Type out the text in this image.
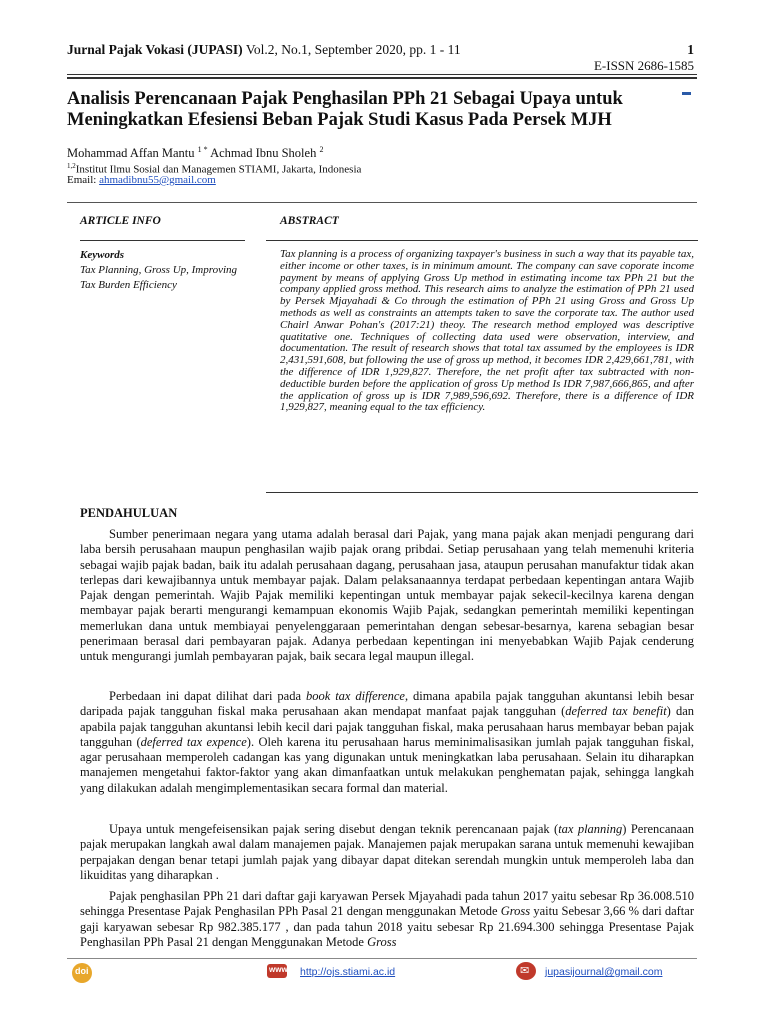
Jurnal Pajak Vokasi (JUPASI) Vol.2, No.1, September 2020, pp. 1 - 11	1
E-ISSN 2686-1585
Analisis Perencanaan Pajak Penghasilan PPh 21 Sebagai Upaya untuk Meningkatkan Efesiensi Beban Pajak Studi Kasus Pada Persek MJH
Mohammad Affan Mantu $^{1 *}$ Achmad Ibnu Sholeh $^2$
$^{1,2}$Institut Ilmu Sosial dan Managemen STIAMI, Jakarta, Indonesia
Email: ahmadibnu55@gmail.com
ARTICLE INFO	ABSTRACT
Keywords
Tax Planning, Gross Up, Improving Tax Burden Efficiency
Tax planning is a process of organizing taxpayer's business in such a way that its payable tax, either income or other taxes, is in minimum amount. The company can save coporate income payment by means of applying Gross Up method in estimating income tax PPh 21 but the company applied gross method. This research aims to analyze the estimation of PPh 21 used by Persek Mjayahadi & Co through the estimation of PPh 21 using Gross and Gross Up methods as well as constraints an attempts taken to save the corporate tax. The author used Chairl Anwar Pohan's (2017:21) theoy. The research method employed was descriptive quatitative one. Techniques of collecting data used were observation, interview, and documentation. The result of research shows that total tax assumed by the employees is IDR 2,431,591,608, but following the use of gross up method, it becomes IDR 2,429,661,781, with the difference of IDR 1,929,827. Therefore, the net profit after tax subtracted with non-deductible burden before the application of gross Up method Is IDR 7,987,666,865, and after the application of gross up is IDR 7,989,596,692. Therefore, there is a difference of IDR 1,929,827, meaning equal to the tax efficiency.
PENDAHULUAN

Sumber penerimaan negara yang utama adalah berasal dari Pajak, yang mana pajak akan menjadi pengurang dari laba bersih perusahaan maupun penghasilan wajib pajak orang pribdai. Setiap perusahaan yang telah memenuhi kriteria sebagai wajib pajak badan, baik itu adalah perusahaan dagang, perusahaan jasa, ataupun perusahan manufaktur tidak akan terlepas dari kewajibannya untuk membayar pajak. Dalam pelaksanaannya terdapat perbedaan kepentingan antara Wajib Pajak dengan pemerintah. Wajib Pajak memiliki kepentingan untuk membayar pajak sekecil-kecilnya karena dengan membayar pajak berarti mengurangi kemampuan ekonomis Wajib Pajak, sedangkan pemerintah memiliki kepentingan memerlukan dana untuk membiayai penyelenggaraan pemerintahan dengan sebesar-besarnya, karena sebagian besar penerimaan berasal dari pembayaran pajak. Adanya perbedaan kepentingan ini menyebabkan Wajib Pajak cenderung untuk mengurangi jumlah pembayaran pajak, baik secara legal maupun illegal.

Perbedaan ini dapat dilihat dari pada book tax difference, dimana apabila pajak tangguhan akuntansi lebih besar daripada pajak tangguhan fiskal maka perusahaan akan mendapat manfaat pajak tangguhan (deferred tax benefit) dan apabila pajak tangguhan akuntansi lebih kecil dari pajak tangguhan fiskal, maka perusahaan harus membayar beban pajak tangguhan (deferred tax expence). Oleh karena itu perusahaan harus meminimalisasikan jumlah pajak tangguhan fiskal, agar perusahaan memperoleh cadangan kas yang digunakan untuk meningkatkan laba perusahaan. Selain itu diharapkan manajemen mengetahui faktor-faktor yang akan dimanfaatkan untuk melakukan penghematan pajak, sehingga langkah yang dilakukan adalah mengimplementasikan secara formal dan material.

Upaya untuk mengefeisensikan pajak sering disebut dengan teknik perencanaan pajak (tax planning) Perencanaan pajak merupakan langkah awal dalam manajemen pajak. Manajemen pajak merupakan sarana untuk memenuhi kewajiban perpajakan dengan benar tetapi jumlah pajak yang dibayar dapat ditekan serendah mungkin untuk memperoleh laba dan likuiditas yang diharapkan .

Pajak penghasilan PPh 21 dari daftar gaji karyawan Persek Mjayahadi pada tahun 2017 yaitu sebesar Rp 36.008.510 sehingga Presentase Pajak Penghasilan PPh Pasal 21 dengan menggunakan Metode Gross yaitu Sebesar 3,66 % dari daftar gaji karyawan sebesar Rp 982.385.177 , dan pada tahun 2018 yaitu sebesar Rp 21.694.300 sehingga Presentase Pajak Penghasilan PPh Pasal 21 dengan Menggunakan Metode Gross

doi	www http://ojs.stiami.ac.id	✉ jupasijournal@gmail.com
